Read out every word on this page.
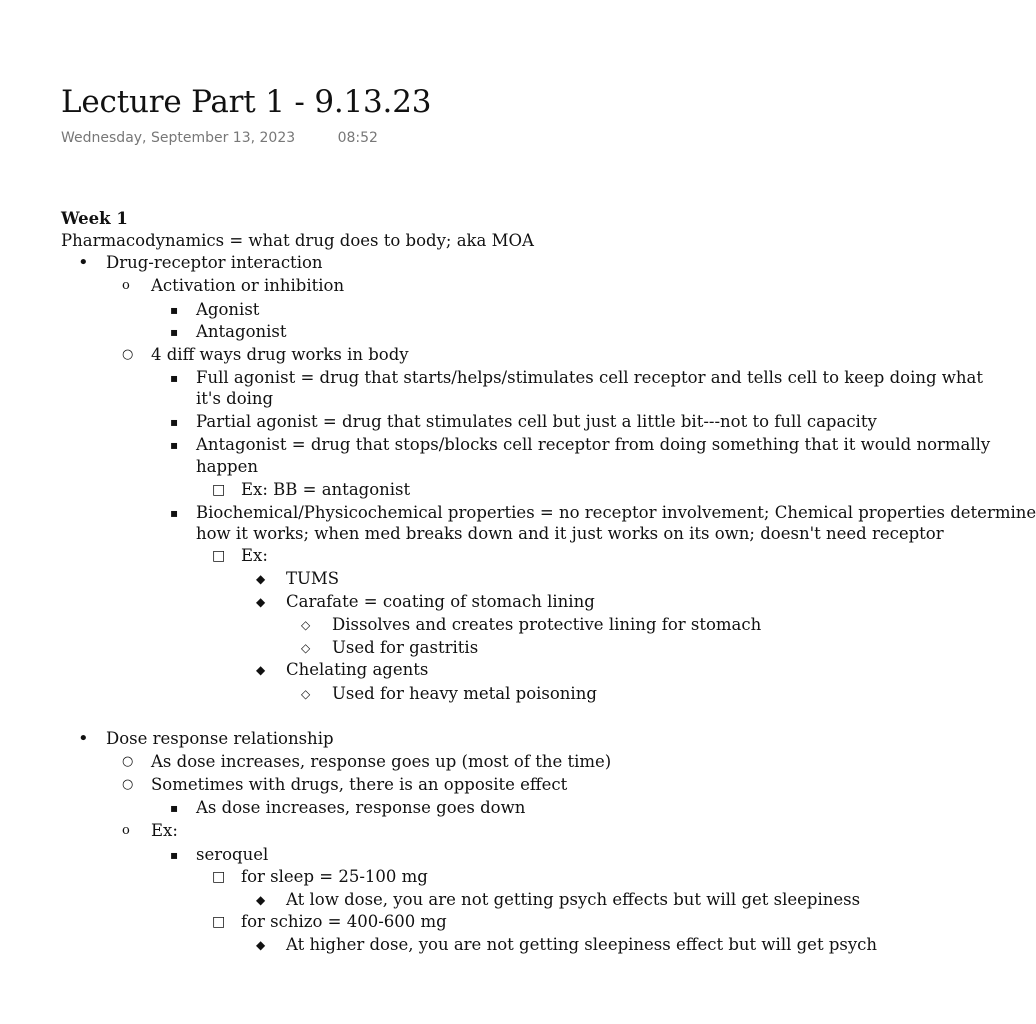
Lecture Part 1 - 9.13.23
Wednesday, September 13, 2023	08:52
Week 1
Pharmacodynamics = what drug does to body; aka MOA
• Drug-receptor interaction
o Activation or inhibition
▪ Agonist
▪ Antagonist
○ 4 diff ways drug works in body
▪ Full agonist = drug that starts/helps/stimulates cell receptor and tells cell to keep doing what
it's doing
▪ Partial agonist = drug that stimulates cell but just a little bit---not to full capacity
▪ Antagonist = drug that stops/blocks cell receptor from doing something that it would normally
happen
□ Ex: BB = antagonist
▪ Biochemical/Physicochemical properties = no receptor involvement; Chemical properties determine
how it works; when med breaks down and it just works on its own; doesn't need receptor
□ Ex:
◆ TUMS
◆ Carafate = coating of stomach lining
◇ Dissolves and creates protective lining for stomach
◇ Used for gastritis
◆ Chelating agents
◇ Used for heavy metal poisoning
• Dose response relationship
○ As dose increases, response goes up (most of the time)
○ Sometimes with drugs, there is an opposite effect
▪ As dose increases, response goes down
o Ex:
▪ seroquel
□ for sleep = 25-100 mg
◆ At low dose, you are not getting psych effects but will get sleepiness
□ for schizo = 400-600 mg
◆ At higher dose, you are not getting sleepiness effect but will get psych
